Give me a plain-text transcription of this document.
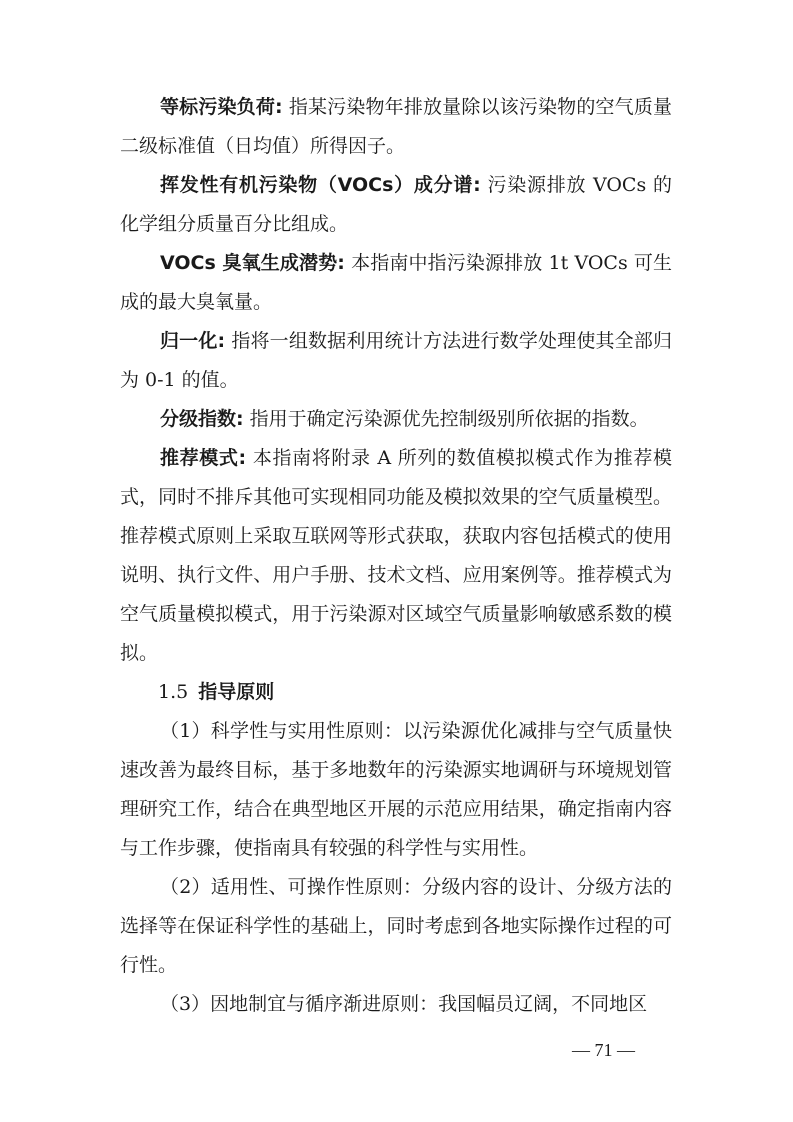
等标污染负荷: 指某污染物年排放量除以该污染物的空气质量二级标准值（日均值）所得因子。

挥发性有机污染物（VOCs）成分谱: 污染源排放 VOCs 的化学组分质量百分比组成。

VOCs 臭氧生成潜势: 本指南中指污染源排放 1t VOCs 可生成的最大臭氧量。

归一化: 指将一组数据利用统计方法进行数学处理使其全部归为 0-1 的值。

分级指数: 指用于确定污染源优先控制级别所依据的指数。

推荐模式: 本指南将附录 A 所列的数值模拟模式作为推荐模式，同时不排斥其他可实现相同功能及模拟效果的空气质量模型。推荐模式原则上采取互联网等形式获取，获取内容包括模式的使用说明、执行文件、用户手册、技术文档、应用案例等。推荐模式为空气质量模拟模式，用于污染源对区域空气质量影响敏感系数的模拟。

1.5 指导原则

（1）科学性与实用性原则：以污染源优化减排与空气质量快速改善为最终目标，基于多地数年的污染源实地调研与环境规划管理研究工作，结合在典型地区开展的示范应用结果，确定指南内容与工作步骤，使指南具有较强的科学性与实用性。

（2）适用性、可操作性原则：分级内容的设计、分级方法的选择等在保证科学性的基础上，同时考虑到各地实际操作过程的可行性。

（3）因地制宜与循序渐进原则：我国幅员辽阔，不同地区

— 71 —
